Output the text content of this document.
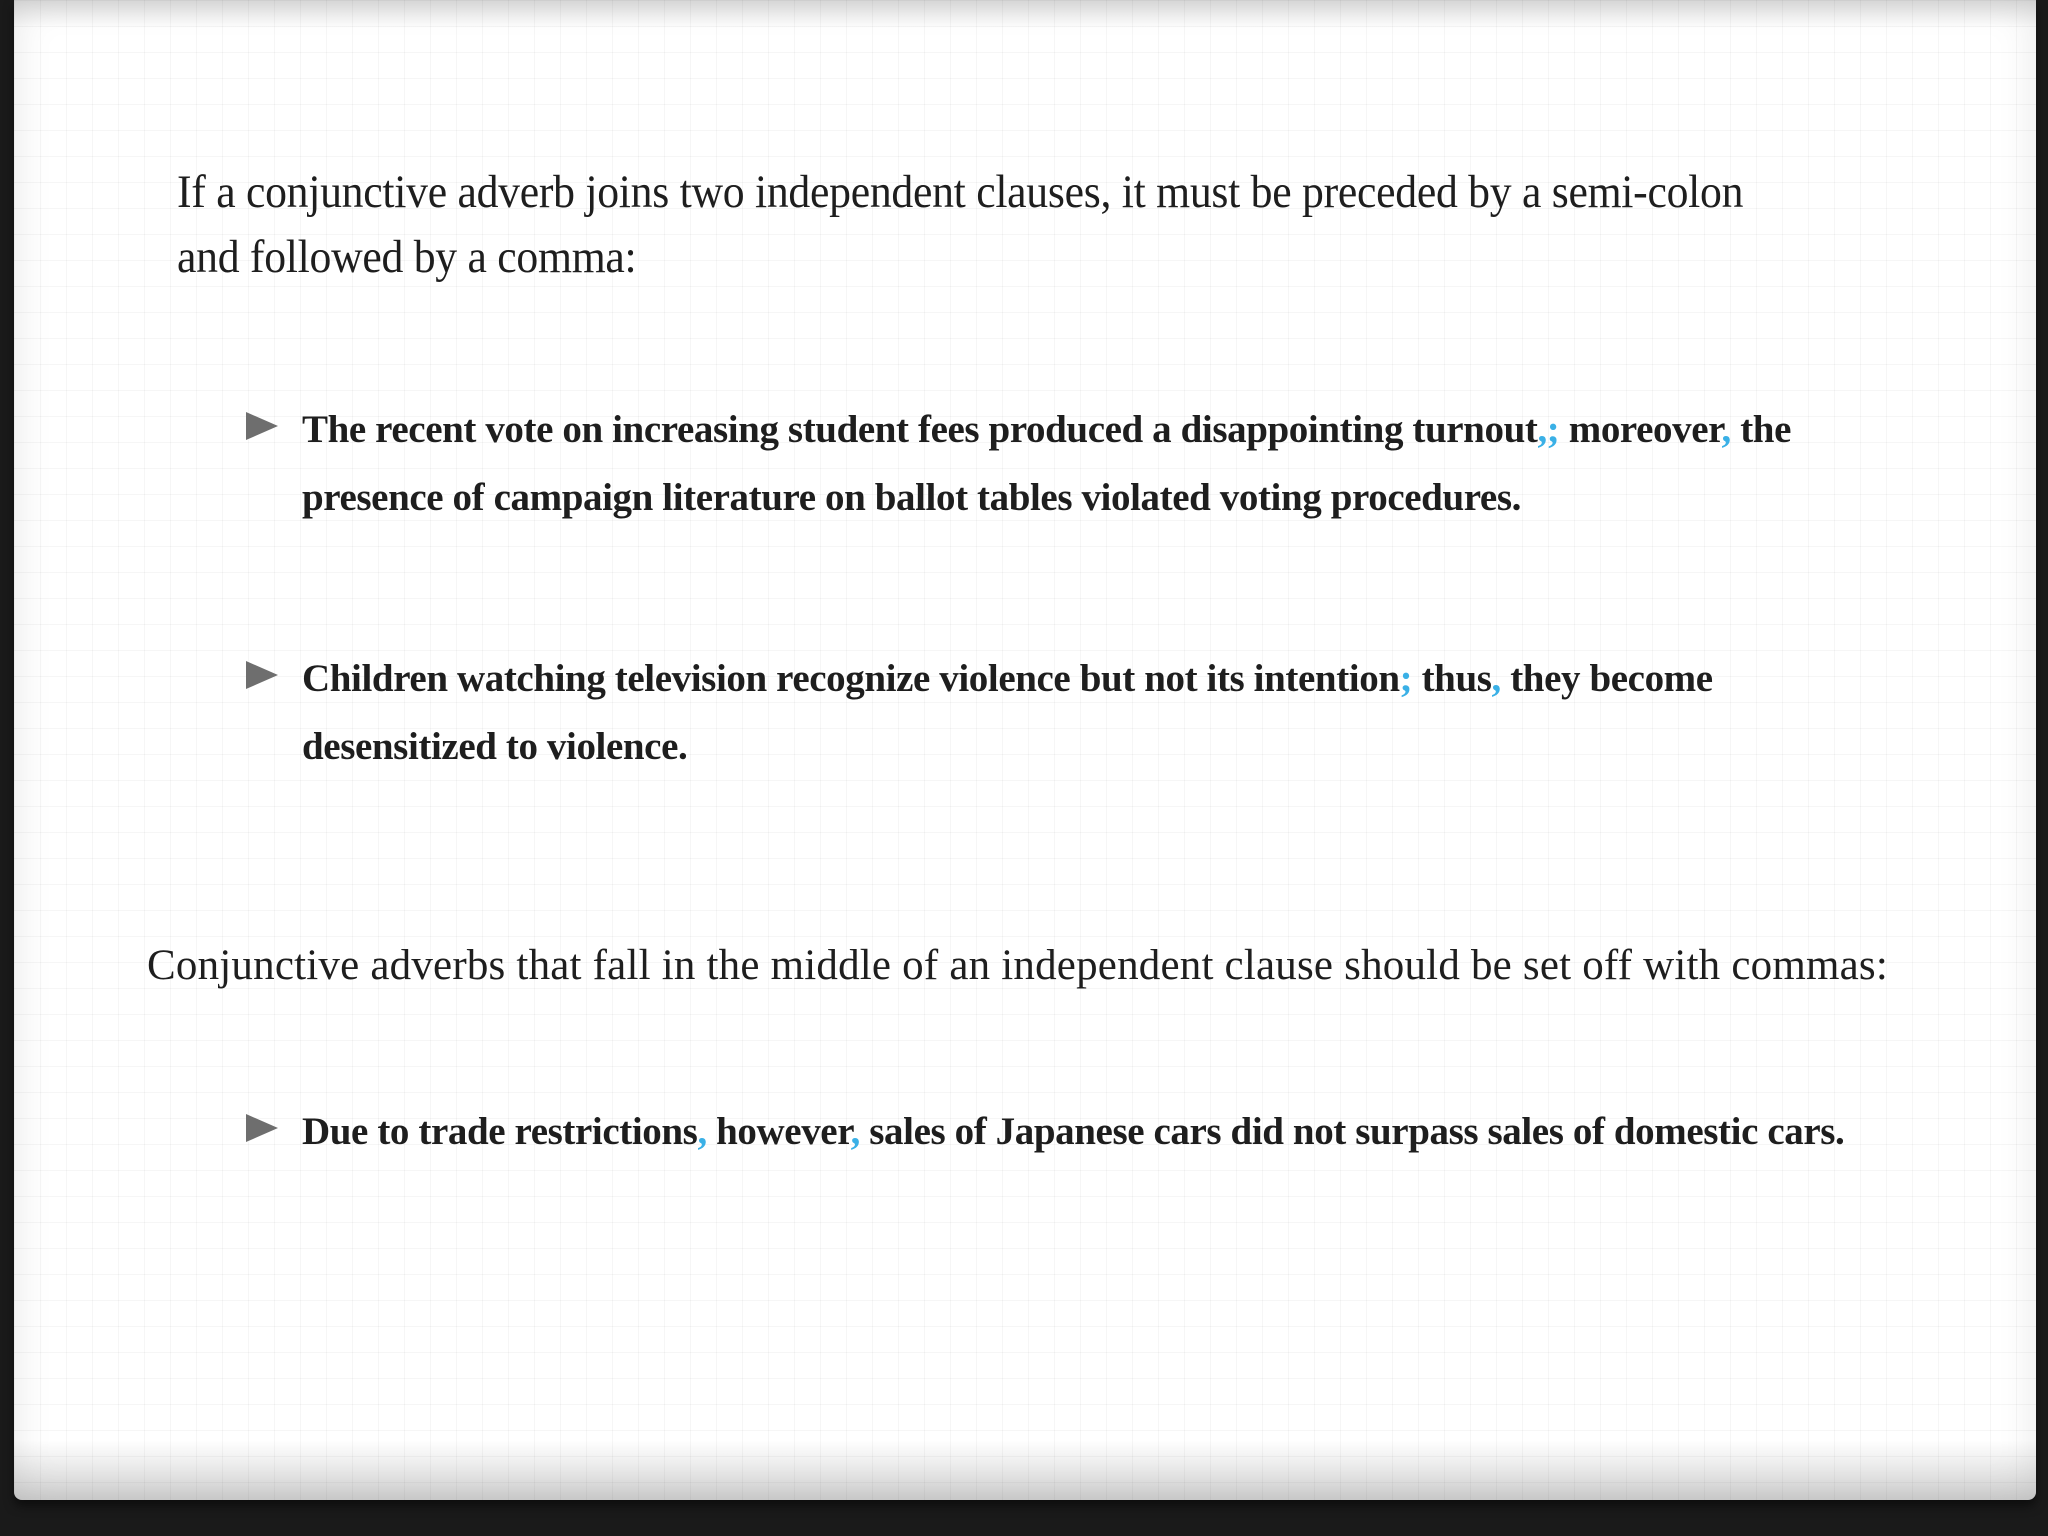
If a conjunctive adverb joins two independent clauses, it must be preceded by a semi-colon and followed by a comma:

The recent vote on increasing student fees produced a disappointing turnout,; moreover, the presence of campaign literature on ballot tables violated voting procedures.

Children watching television recognize violence but not its intention; thus, they become desensitized to violence.

Conjunctive adverbs that fall in the middle of an independent clause should be set off with commas:

Due to trade restrictions, however, sales of Japanese cars did not surpass sales of domestic cars.
